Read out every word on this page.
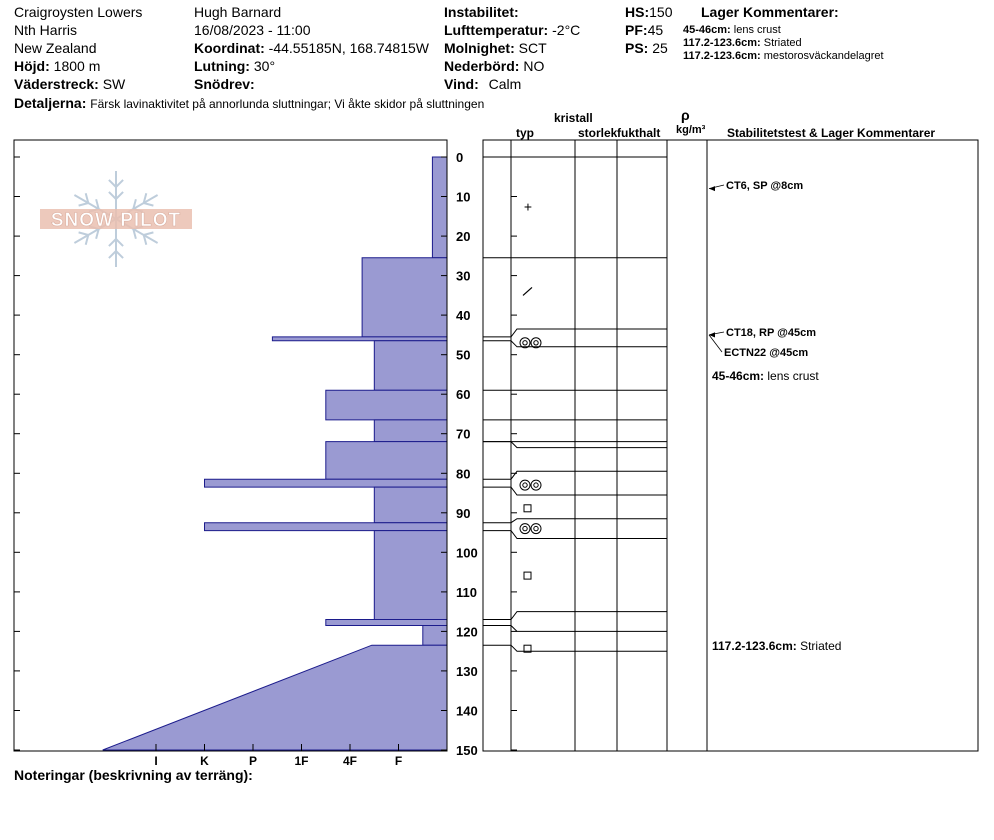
Craigroysten Lowers
Nth Harris
New Zealand
Höjd: 1800 m
Väderstreck: SW
Hugh Barnard
16/08/2023 - 11:00
Koordinat: -44.55185N, 168.74815W
Lutning: 30°
Snödrev:
Instabilitet:
Lufttemperatur: -2°C
Molnighet: SCT
Nederbörd: NO
Vind: Calm
HS:150
PF:45
PS: 25
Lager Kommentarer:
45-46cm: lens crust
117.2-123.6cm: Striated
117.2-123.6cm: mestorosväckandelagret
Detaljerna: Färsk lavinaktivitet på annorlunda sluttningar; Vi åkte skidor på sluttningen
kristall
typ	storlek fukthalt
ρ
kg/m³ Stabilitetstest & Lager Kommentarer
SNOW PILOT
I	K	P	1F	4F	F
0
10
20
30
40
50
60
70
80
90
100
110
120
130
140
150
+
CT6, SP @8cm
CT18, RP @45cm
ECTN22 @45cm
45-46cm: lens crust
117.2-123.6cm: Striated
Noteringar (beskrivning av terräng):
